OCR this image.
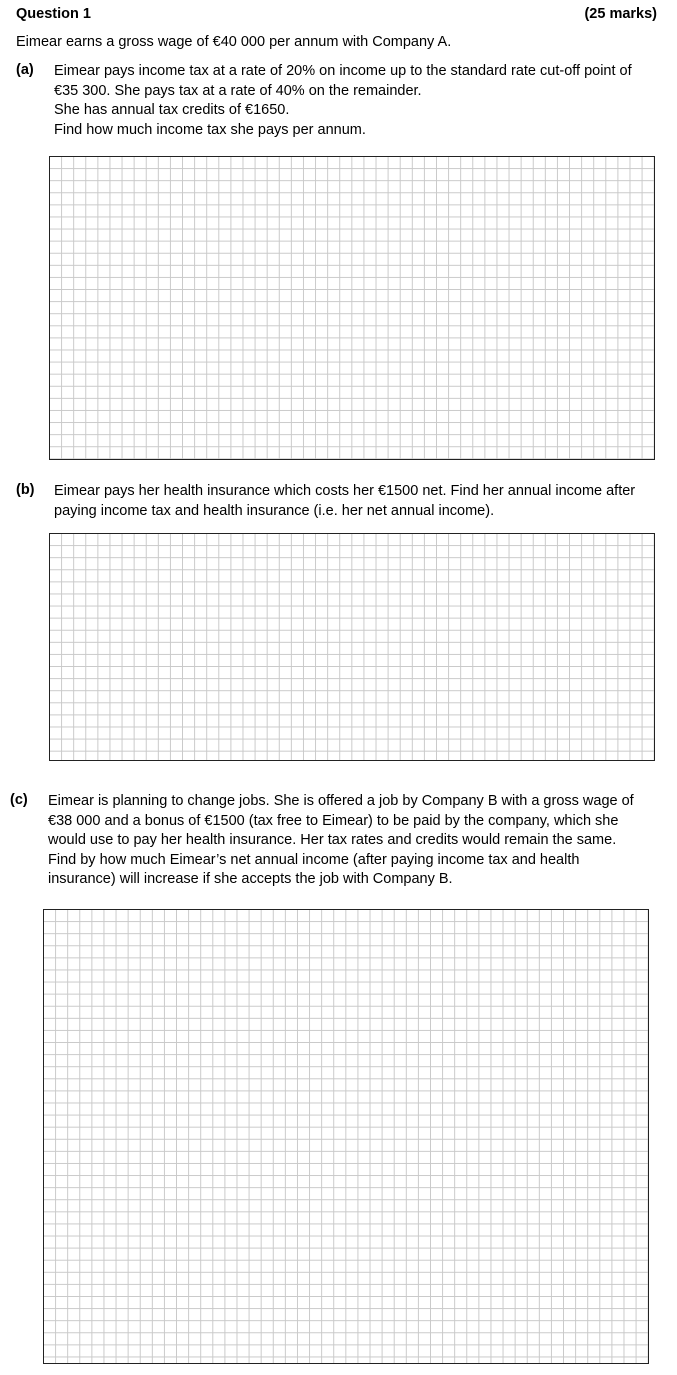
Question 1	(25 marks)
Eimear earns a gross wage of €40 000 per annum with Company A.
(a) Eimear pays income tax at a rate of 20% on income up to the standard rate cut-off point of
€35 300. She pays tax at a rate of 40% on the remainder.
She has annual tax credits of €1650.
Find how much income tax she pays per annum.
(b) Eimear pays her health insurance which costs her €1500 net. Find her annual income after
paying income tax and health insurance (i.e. her net annual income).
(c) Eimear is planning to change jobs. She is offered a job by Company B with a gross wage of
€38 000 and a bonus of €1500 (tax free to Eimear) to be paid by the company, which she
would use to pay her health insurance. Her tax rates and credits would remain the same.
Find by how much Eimear’s net annual income (after paying income tax and health
insurance) will increase if she accepts the job with Company B.
